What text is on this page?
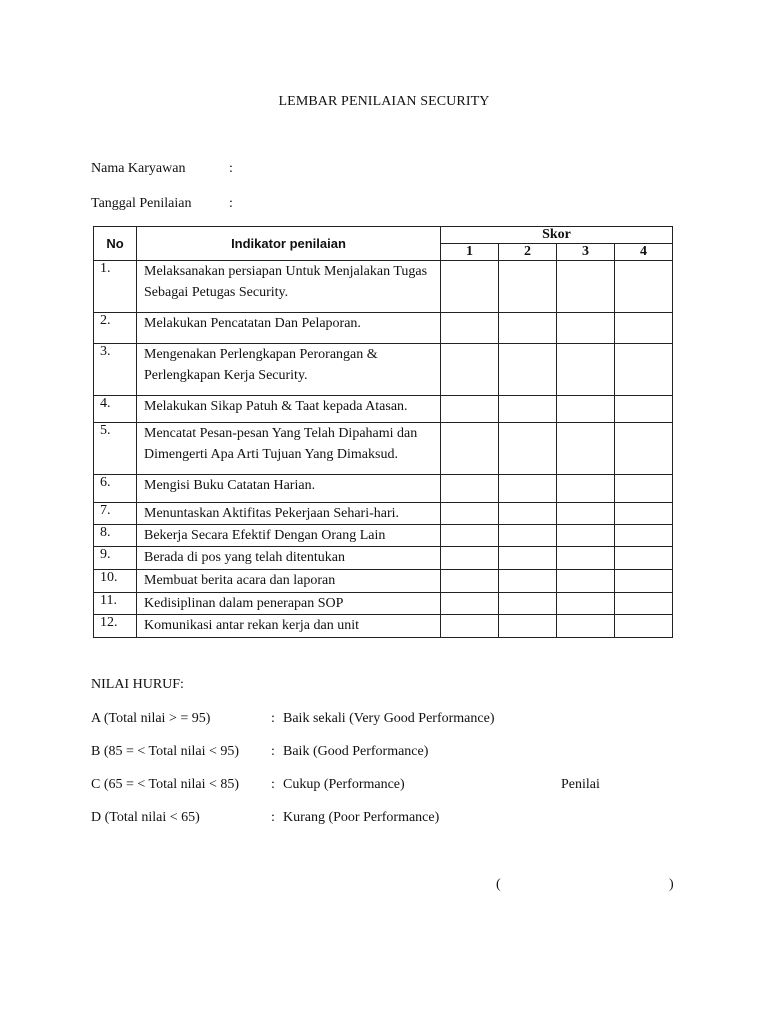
LEMBAR PENILAIAN SECURITY
Nama Karyawan	:
Tanggal Penilaian	:
No	Indikator penilaian	Skor			
		1	2	3	4
1.	Melaksanakan persiapan Untuk Menjalakan Tugas Sebagai Petugas Security.				
2.	Melakukan Pencatatan Dan Pelaporan.				
3.	Mengenakan Perlengkapan Perorangan & Perlengkapan Kerja Security.				
4.	Melakukan Sikap Patuh & Taat kepada Atasan.				
5.	Mencatat Pesan-pesan Yang Telah Dipahami dan Dimengerti Apa Arti Tujuan Yang Dimaksud.				
6.	Mengisi Buku Catatan Harian.				
7.	Menuntaskan Aktifitas Pekerjaan Sehari-hari.				
8.	Bekerja Secara Efektif Dengan Orang Lain				
9.	Berada di pos yang telah ditentukan				
10.	Membuat berita acara dan laporan				
11.	Kedisiplinan dalam penerapan SOP				
12.	Komunikasi antar rekan kerja dan unit				
NILAI HURUF:
A (Total nilai > = 95)	: Baik sekali (Very Good Performance)
B (85 = < Total nilai < 95) : Baik (Good Performance)
C (65 = < Total nilai < 85) : Cukup (Performance)
D (Total nilai < 65)	: Kurang (Poor Performance)
Penilai
(	)
